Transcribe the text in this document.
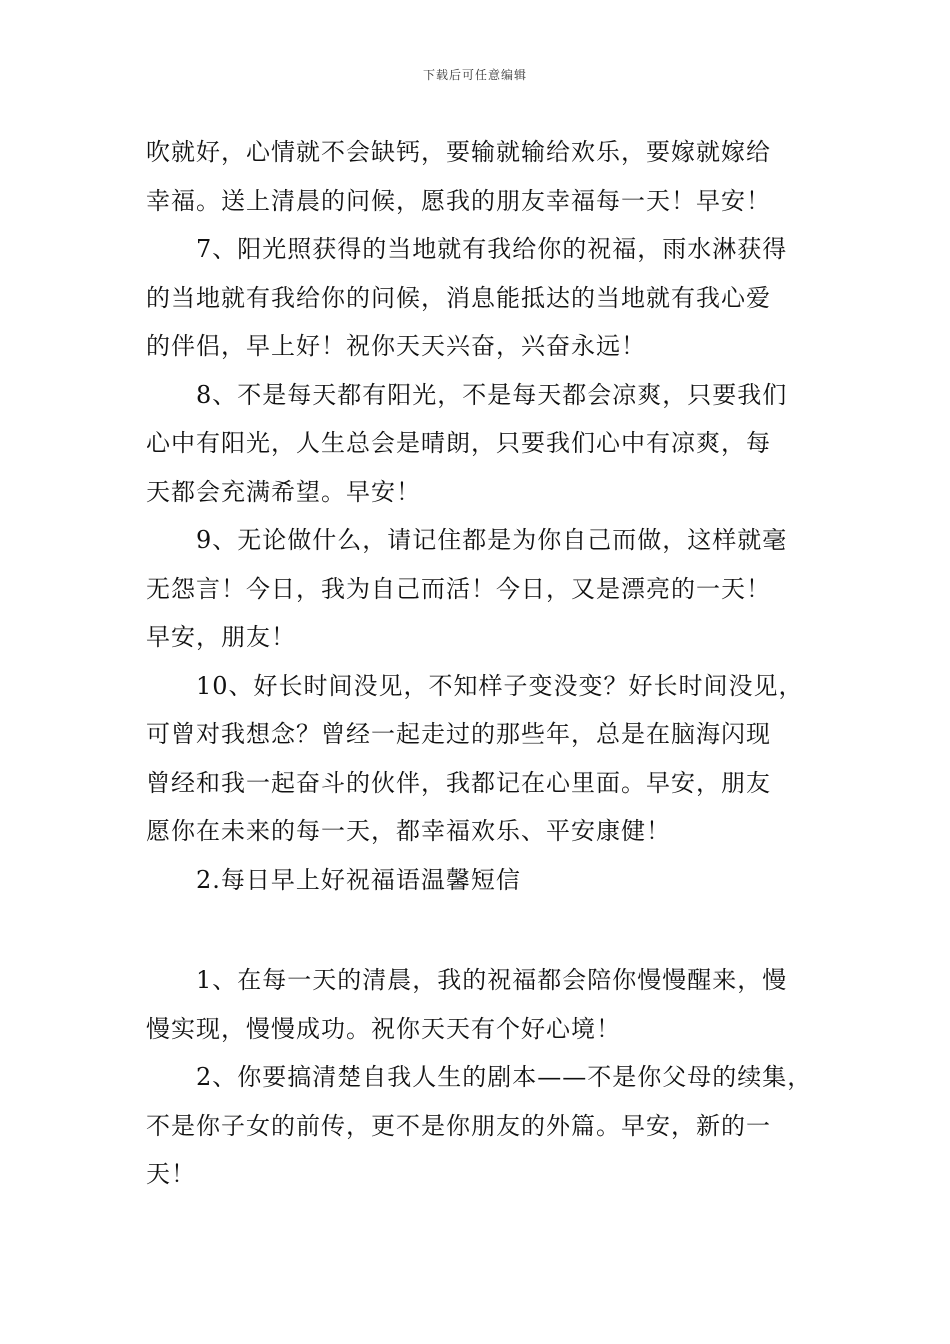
下载后可任意编辑
吹就好，心情就不会缺钙，要输就输给欢乐，要嫁就嫁给
幸福。送上清晨的问候，愿我的朋友幸福每一天！早安！
7、阳光照获得的当地就有我给你的祝福，雨水淋获得
的当地就有我给你的问候，消息能抵达的当地就有我心爱
的伴侣，早上好！祝你天天兴奋，兴奋永远！
8、不是每天都有阳光，不是每天都会凉爽，只要我们
心中有阳光，人生总会是晴朗，只要我们心中有凉爽，每
天都会充满希望。早安！
9、无论做什么，请记住都是为你自己而做，这样就毫
无怨言！今日，我为自己而活！今日，又是漂亮的一天！
早安，朋友！
10、好长时间没见，不知样子变没变？好长时间没见，
可曾对我想念？曾经一起走过的那些年，总是在脑海闪现
曾经和我一起奋斗的伙伴，我都记在心里面。早安，朋友
愿你在未来的每一天，都幸福欢乐、平安康健！
2.每日早上好祝福语温馨短信
1、在每一天的清晨，我的祝福都会陪你慢慢醒来，慢
慢实现，慢慢成功。祝你天天有个好心境！
2、你要搞清楚自我人生的剧本——不是你父母的续集，
不是你子女的前传，更不是你朋友的外篇。早安，新的一
天！
